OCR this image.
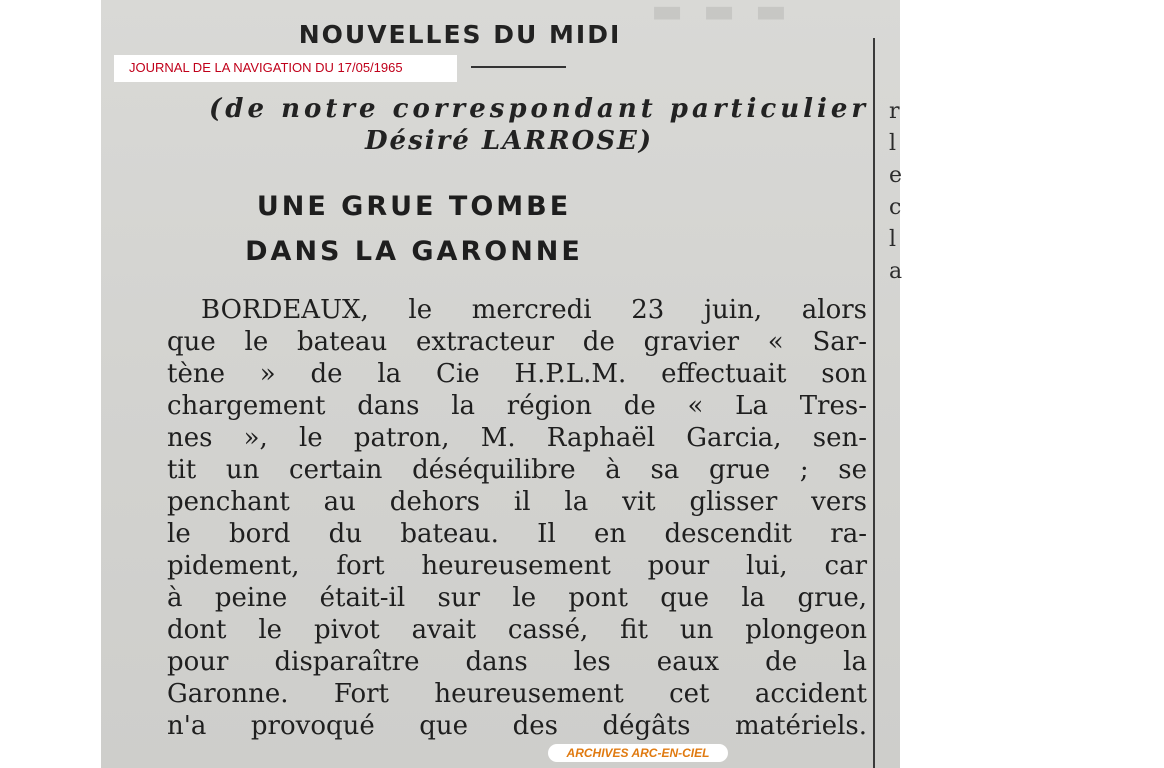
▬ ▬ ▬
NOUVELLES DU MIDI
JOURNAL DE LA NAVIGATION DU 17/05/1965
(de notre correspondant particulier
Désiré LARROSE)
UNE GRUE TOMBE
DANS LA GARONNE
BORDEAUX, le mercredi 23 juin, alors
que le bateau extracteur de gravier « Sar-
tène » de la Cie H.P.L.M. effectuait son
chargement dans la région de « La Tres-
nes », le patron, M. Raphaël Garcia, sen-
tit un certain déséquilibre à sa grue ; se
penchant au dehors il la vit glisser vers
le bord du bateau. Il en descendit ra-
pidement, fort heureusement pour lui, car
à peine était-il sur le pont que la grue,
dont le pivot avait cassé, fit un plongeon
pour disparaître dans les eaux de la
Garonne. Fort heureusement cet accident
n'a provoqué que des dégâts matériels.
r
l
e
c
l
a
ARCHIVES ARC-EN-CIEL
